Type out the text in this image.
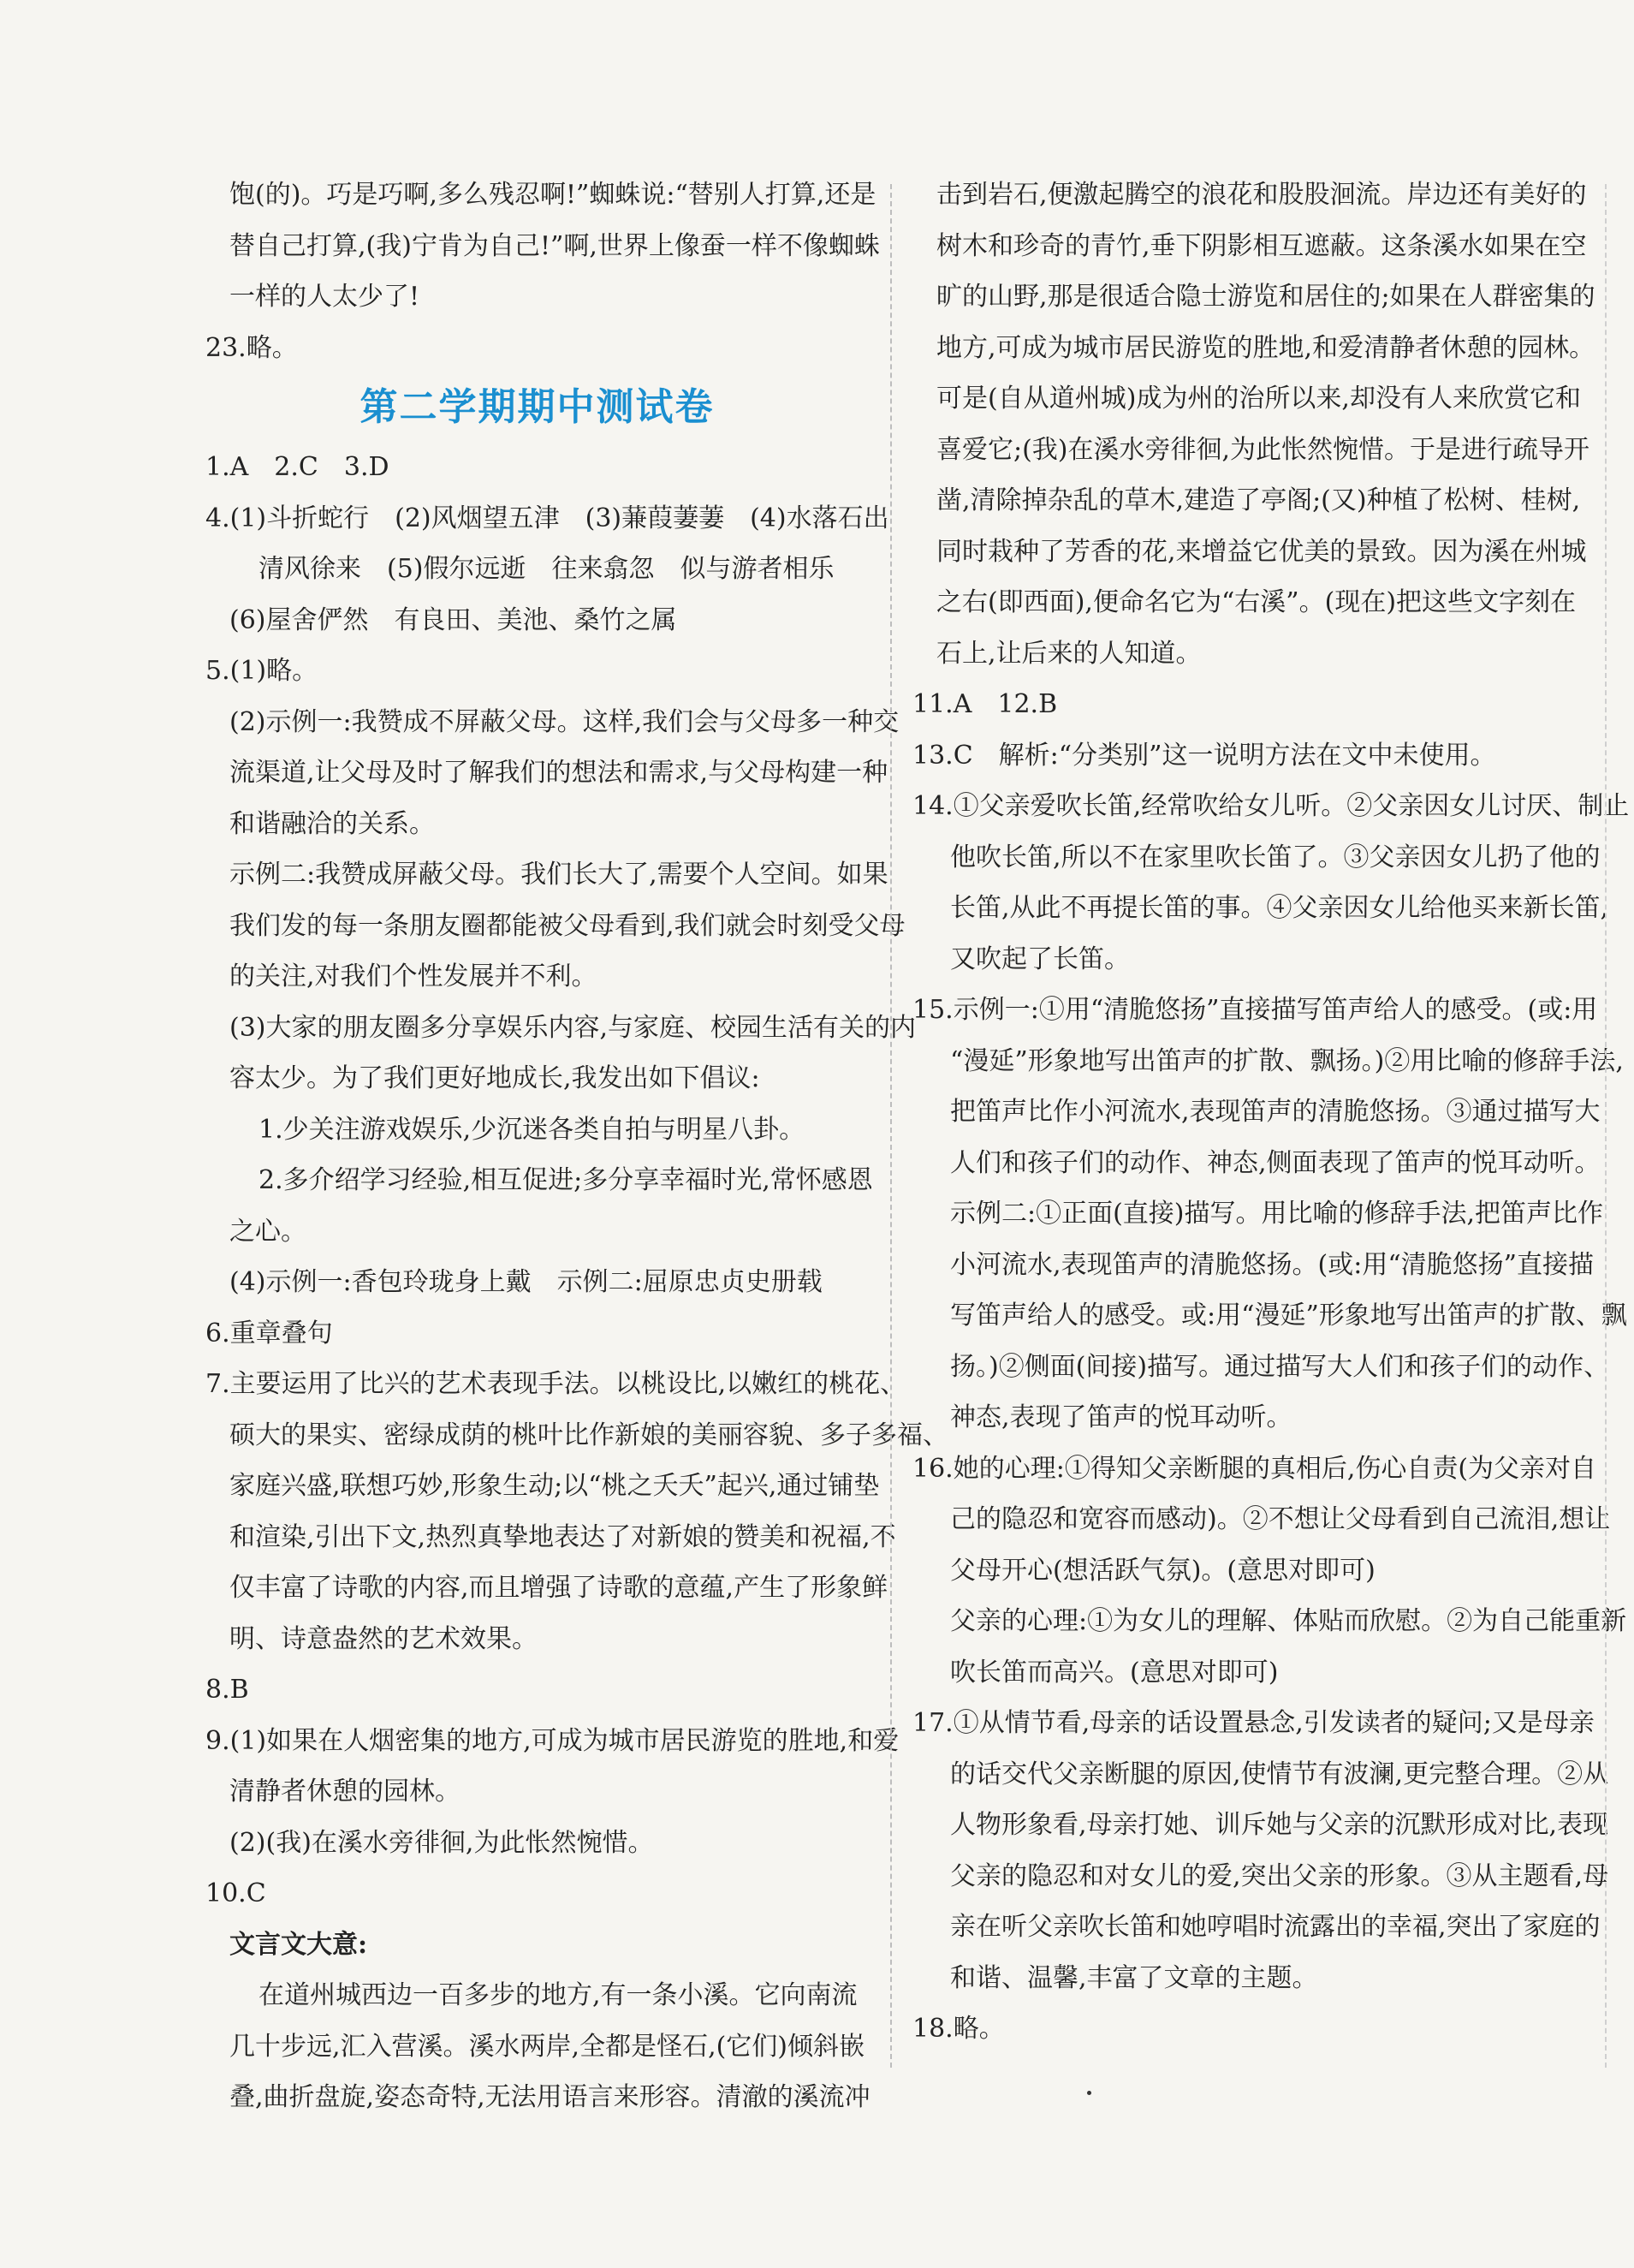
饱(的)。巧是巧啊,多么残忍啊!”蜘蛛说:“替别人打算,还是
替自己打算,(我)宁肯为自己!”啊,世界上像蚕一样不像蜘蛛
一样的人太少了!
23.略。
第二学期期中测试卷
1.A　2.C　3.D
4.(1)斗折蛇行　(2)风烟望五津　(3)蒹葭萋萋　(4)水落石出
清风徐来　(5)假尔远逝　往来翕忽　似与游者相乐
(6)屋舍俨然　有良田、美池、桑竹之属
5.(1)略。
(2)示例一:我赞成不屏蔽父母。这样,我们会与父母多一种交
流渠道,让父母及时了解我们的想法和需求,与父母构建一种
和谐融洽的关系。
示例二:我赞成屏蔽父母。我们长大了,需要个人空间。如果
我们发的每一条朋友圈都能被父母看到,我们就会时刻受父母
的关注,对我们个性发展并不利。
(3)大家的朋友圈多分享娱乐内容,与家庭、校园生活有关的内
容太少。为了我们更好地成长,我发出如下倡议:
1.少关注游戏娱乐,少沉迷各类自拍与明星八卦。
2.多介绍学习经验,相互促进;多分享幸福时光,常怀感恩
之心。
(4)示例一:香包玲珑身上戴　示例二:屈原忠贞史册载
6.重章叠句
7.主要运用了比兴的艺术表现手法。以桃设比,以嫩红的桃花、
硕大的果实、密绿成荫的桃叶比作新娘的美丽容貌、多子多福、
家庭兴盛,联想巧妙,形象生动;以“桃之夭夭”起兴,通过铺垫
和渲染,引出下文,热烈真挚地表达了对新娘的赞美和祝福,不
仅丰富了诗歌的内容,而且增强了诗歌的意蕴,产生了形象鲜
明、诗意盎然的艺术效果。
8.B
9.(1)如果在人烟密集的地方,可成为城市居民游览的胜地,和爱
清静者休憩的园林。
(2)(我)在溪水旁徘徊,为此怅然惋惜。
10.C
文言文大意:
在道州城西边一百多步的地方,有一条小溪。它向南流
几十步远,汇入营溪。溪水两岸,全都是怪石,(它们)倾斜嵌
叠,曲折盘旋,姿态奇特,无法用语言来形容。清澈的溪流冲
击到岩石,便激起腾空的浪花和股股洄流。岸边还有美好的
树木和珍奇的青竹,垂下阴影相互遮蔽。这条溪水如果在空
旷的山野,那是很适合隐士游览和居住的;如果在人群密集的
地方,可成为城市居民游览的胜地,和爱清静者休憩的园林。
可是(自从道州城)成为州的治所以来,却没有人来欣赏它和
喜爱它;(我)在溪水旁徘徊,为此怅然惋惜。于是进行疏导开
凿,清除掉杂乱的草木,建造了亭阁;(又)种植了松树、桂树,
同时栽种了芳香的花,来增益它优美的景致。因为溪在州城
之右(即西面),便命名它为“右溪”。(现在)把这些文字刻在
石上,让后来的人知道。
11.A　12.B
13.C　解析:“分类别”这一说明方法在文中未使用。
14.①父亲爱吹长笛,经常吹给女儿听。②父亲因女儿讨厌、制止
他吹长笛,所以不在家里吹长笛了。③父亲因女儿扔了他的
长笛,从此不再提长笛的事。④父亲因女儿给他买来新长笛,
又吹起了长笛。
15.示例一:①用“清脆悠扬”直接描写笛声给人的感受。(或:用
“漫延”形象地写出笛声的扩散、飘扬。)②用比喻的修辞手法,
把笛声比作小河流水,表现笛声的清脆悠扬。③通过描写大
人们和孩子们的动作、神态,侧面表现了笛声的悦耳动听。
示例二:①正面(直接)描写。用比喻的修辞手法,把笛声比作
小河流水,表现笛声的清脆悠扬。(或:用“清脆悠扬”直接描
写笛声给人的感受。或:用“漫延”形象地写出笛声的扩散、飘
扬。)②侧面(间接)描写。通过描写大人们和孩子们的动作、
神态,表现了笛声的悦耳动听。
16.她的心理:①得知父亲断腿的真相后,伤心自责(为父亲对自
己的隐忍和宽容而感动)。②不想让父母看到自己流泪,想让
父母开心(想活跃气氛)。(意思对即可)
父亲的心理:①为女儿的理解、体贴而欣慰。②为自己能重新
吹长笛而高兴。(意思对即可)
17.①从情节看,母亲的话设置悬念,引发读者的疑问;又是母亲
的话交代父亲断腿的原因,使情节有波澜,更完整合理。②从
人物形象看,母亲打她、训斥她与父亲的沉默形成对比,表现
父亲的隐忍和对女儿的爱,突出父亲的形象。③从主题看,母
亲在听父亲吹长笛和她哼唱时流露出的幸福,突出了家庭的
和谐、温馨,丰富了文章的主题。
18.略。
